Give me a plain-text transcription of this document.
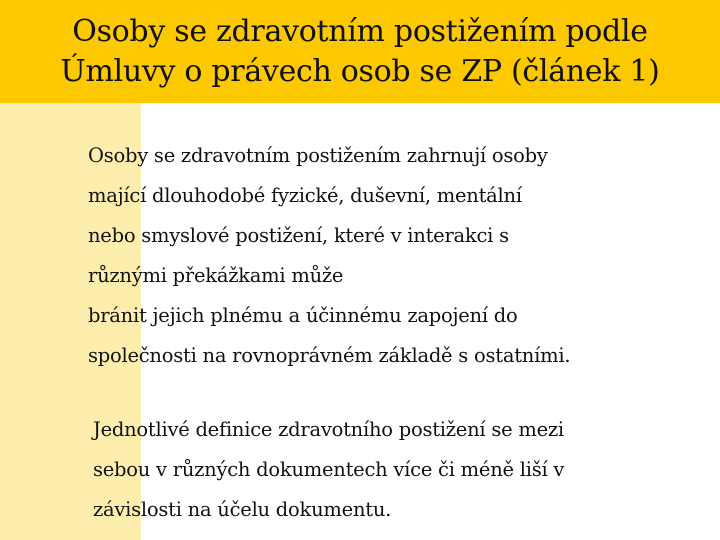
Osoby se zdravotním postižením podle
Úmluvy o právech osob se ZP (článek 1)

Osoby se zdravotním postižením zahrnují osoby
mající dlouhodobé fyzické, duševní, mentální
nebo smyslové postižení, které v interakci s
různými překážkami může
bránit jejich plnému a účinnému zapojení do
společnosti na rovnoprávném základě s ostatními.

Jednotlivé definice zdravotního postižení se mezi
sebou v různých dokumentech více či méně liší v
závislosti na účelu dokumentu.
